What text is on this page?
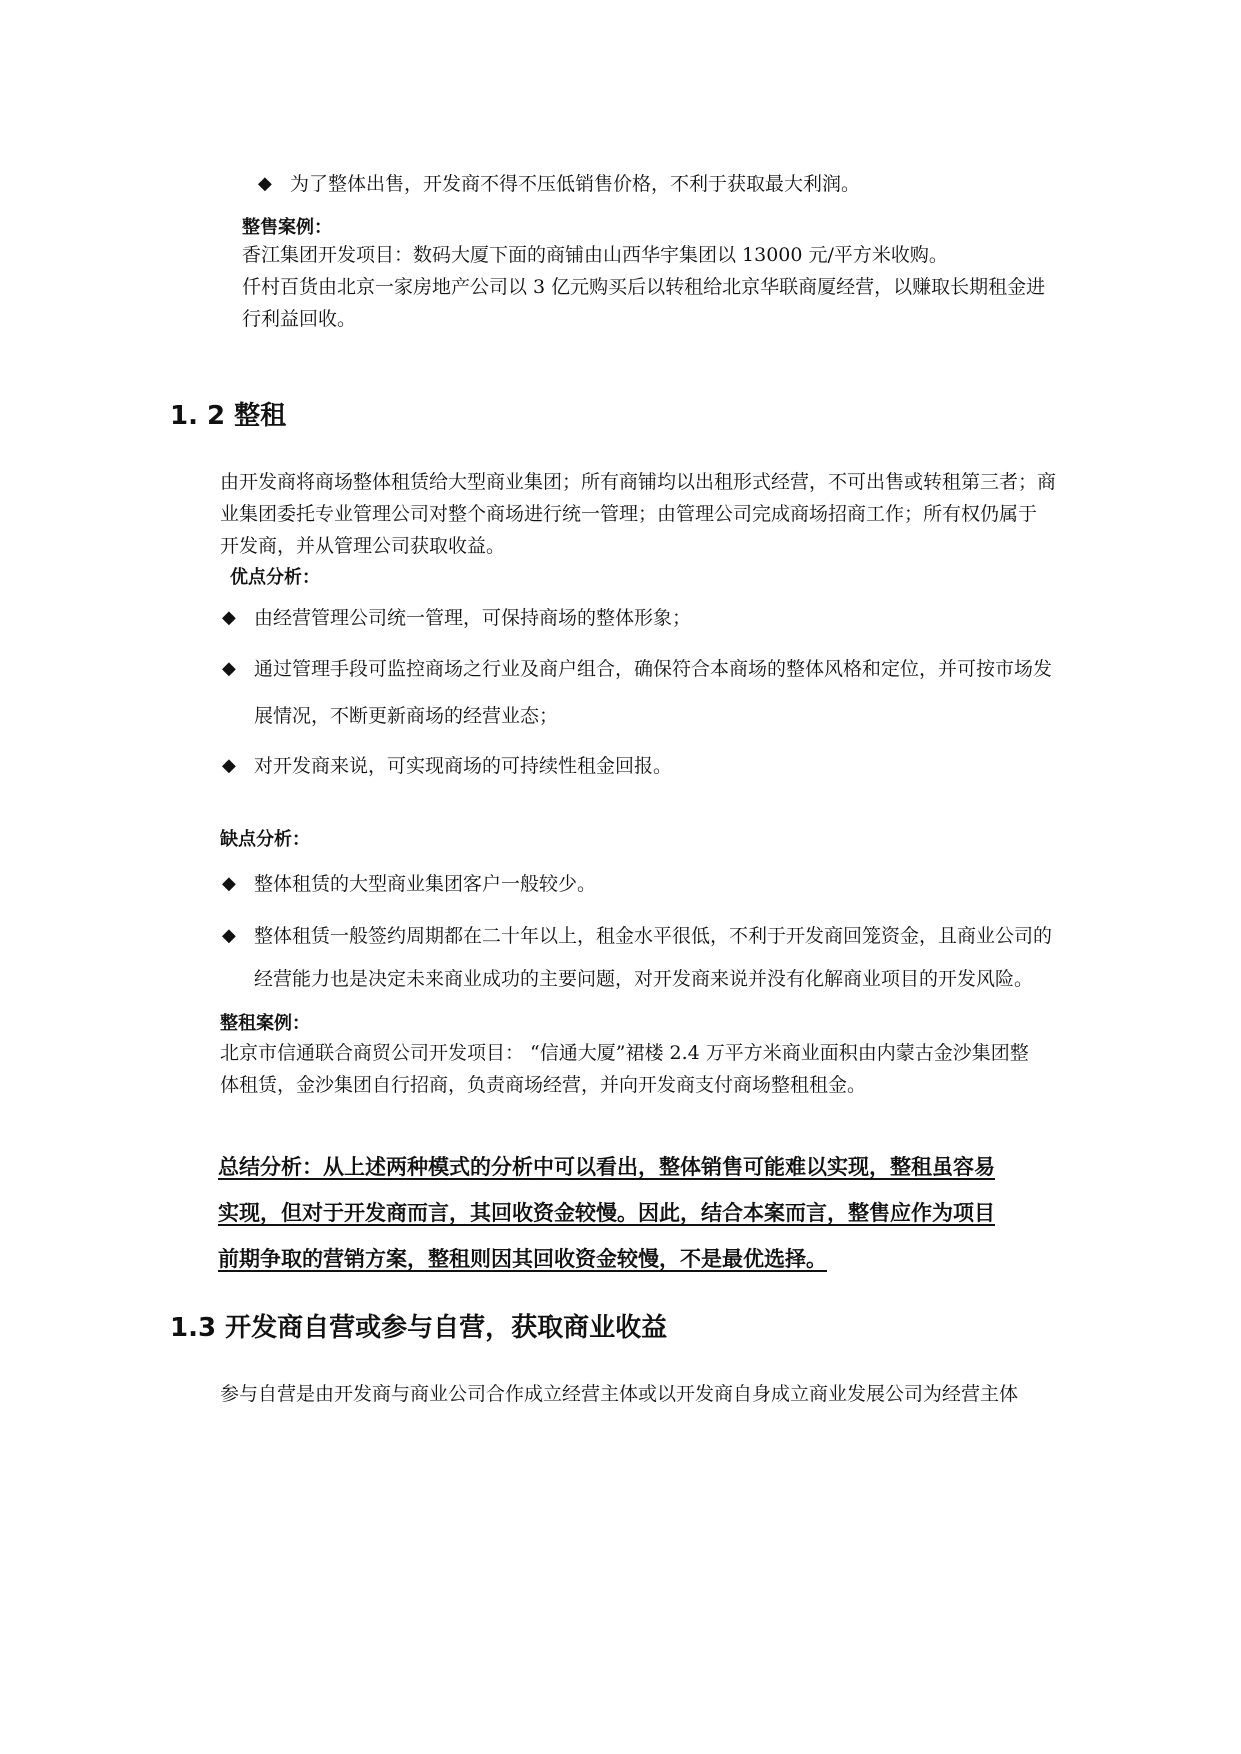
◆ 为了整体出售，开发商不得不压低销售价格，不利于获取最大利润。
整售案例：
香江集团开发项目：数码大厦下面的商铺由山西华宇集团以 13000 元/平方米收购。
仟村百货由北京一家房地产公司以 3 亿元购买后以转租给北京华联商厦经营，以赚取长期租金进
行利益回收。
1. 2 整租
由开发商将商场整体租赁给大型商业集团；所有商铺均以出租形式经营，不可出售或转租第三者；商
业集团委托专业管理公司对整个商场进行统一管理；由管理公司完成商场招商工作；所有权仍属于
开发商，并从管理公司获取收益。
优点分析：
◆ 由经营管理公司统一管理，可保持商场的整体形象；
◆ 通过管理手段可监控商场之行业及商户组合，确保符合本商场的整体风格和定位，并可按市场发
展情况，不断更新商场的经营业态；
◆ 对开发商来说，可实现商场的可持续性租金回报。
缺点分析：
◆ 整体租赁的大型商业集团客户一般较少。
◆ 整体租赁一般签约周期都在二十年以上，租金水平很低，不利于开发商回笼资金，且商业公司的
经营能力也是决定未来商业成功的主要问题，对开发商来说并没有化解商业项目的开发风险。
整租案例：
北京市信通联合商贸公司开发项目： “信通大厦”裙楼 2.4 万平方米商业面积由内蒙古金沙集团整
体租赁，金沙集团自行招商，负责商场经营，并向开发商支付商场整租租金。
总结分析：从上述两种模式的分析中可以看出，整体销售可能难以实现，整租虽容易
实现，但对于开发商而言，其回收资金较慢。因此，结合本案而言，整售应作为项目
前期争取的营销方案，整租则因其回收资金较慢，不是最优选择。
1.3 开发商自营或参与自营，获取商业收益
参与自营是由开发商与商业公司合作成立经营主体或以开发商自身成立商业发展公司为经营主体
